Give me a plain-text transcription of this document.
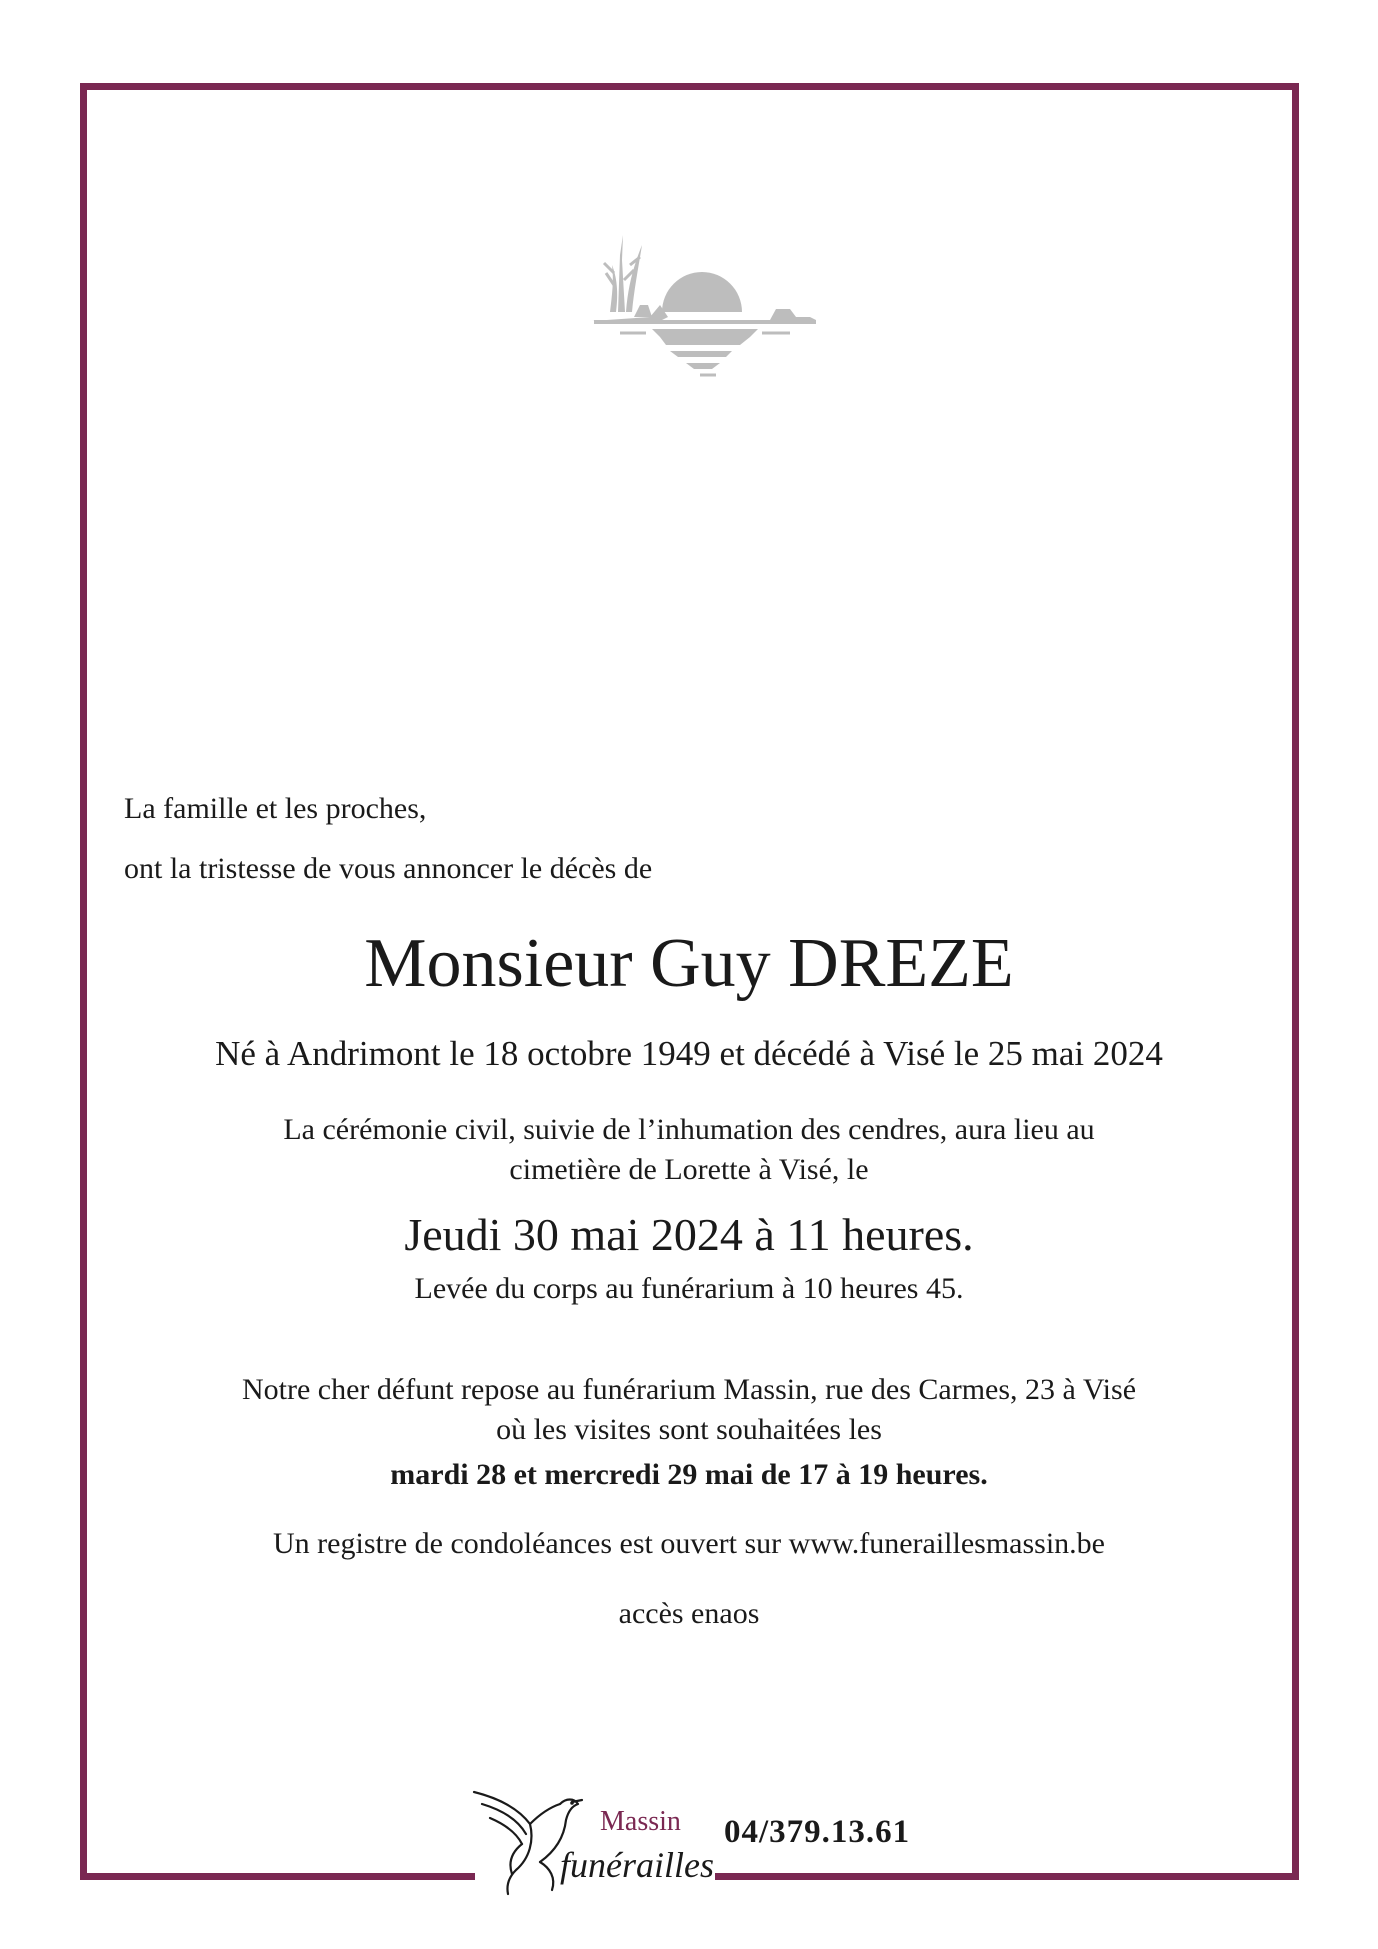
La famille et les proches,
ont la tristesse de vous annoncer le décès de
Monsieur Guy DREZE
Né à Andrimont le 18 octobre 1949 et décédé à Visé le 25 mai 2024
La cérémonie civil, suivie de l’inhumation des cendres, aura lieu au
cimetière de Lorette à Visé, le
Jeudi 30 mai 2024 à 11 heures.
Levée du corps au funérarium à 10 heures 45.
Notre cher défunt repose au funérarium Massin, rue des Carmes, 23 à Visé
où les visites sont souhaitées les
mardi 28 et mercredi 29 mai de 17 à 19 heures.
Un registre de condoléances est ouvert sur www.funeraillesmassin.be
accès enaos
Massin
funérailles
04/379.13.61
